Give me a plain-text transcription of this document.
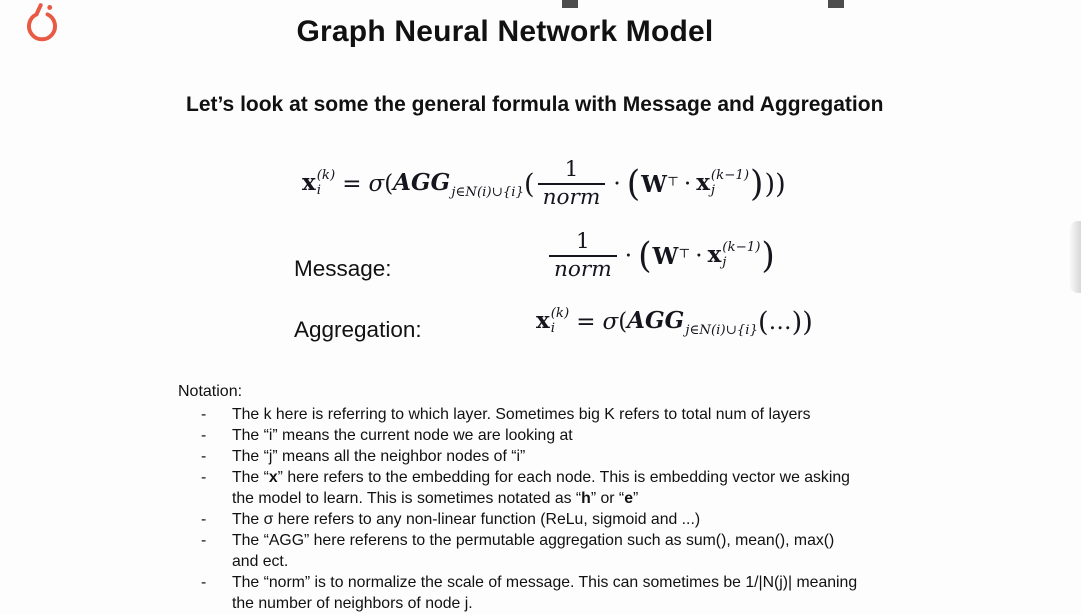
Graph Neural Network Model
Let’s look at some the general formula with Message and Aggregation
x (k)
i = σ ( $AGG_{j\in N(i)\cup\{i\}}$ ( $\frac{1}{\text{norm}}$ · ( W⊤ · x (k−1)
j ) ))
Message:	$\frac{1}{\text{norm}}$ · ( W⊤ · x (k−1)
j )
Aggregation:	x (k)
i = σ ( $AGG_{j\in N(i)\cup\{i\}}$ ( … ))
Notation:
-	The k here is referring to which layer. Sometimes big K refers to total num of layers
-	The “i” means the current node we are looking at
-	The “j” means all the neighbor nodes of “i”
-	The “x” here refers to the embedding for each node. This is embedding vector we asking
the model to learn. This is sometimes notated as “h” or “e”
-	The σ here refers to any non-linear function (ReLu, sigmoid and ...)
-	The “AGG” here referens to the permutable aggregation such as sum(), mean(), max()
and ect.
-	The “norm” is to normalize the scale of message. This can sometimes be 1/|N(j)| meaning
the number of neighbors of node j.
